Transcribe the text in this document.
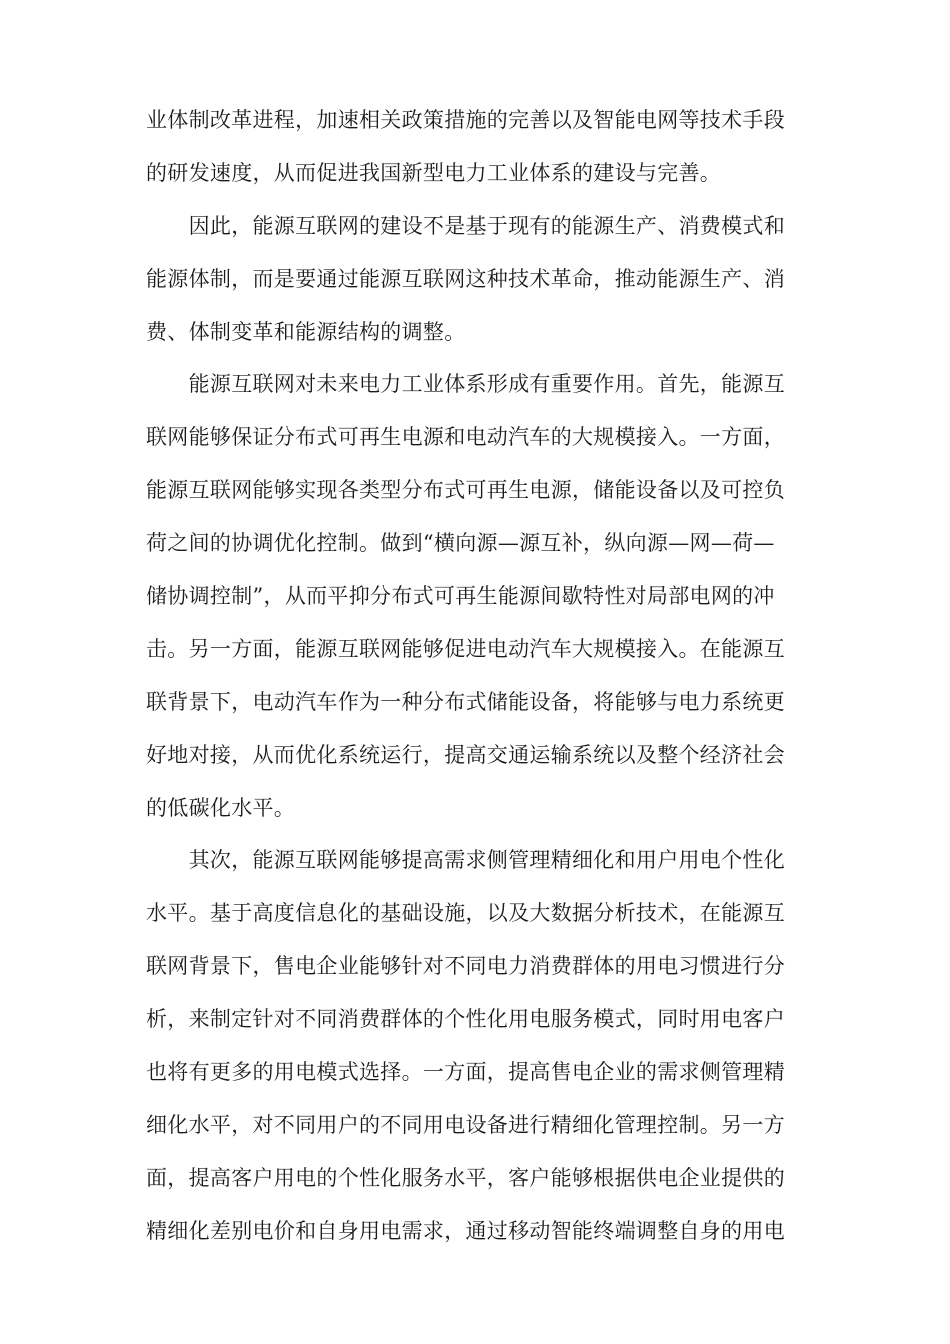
业体制改革进程，加速相关政策措施的完善以及智能电网等技术手段
的研发速度，从而促进我国新型电力工业体系的建设与完善。
　　因此，能源互联网的建设不是基于现有的能源生产、消费模式和
能源体制，而是要通过能源互联网这种技术革命，推动能源生产、消
费、体制变革和能源结构的调整。
　　能源互联网对未来电力工业体系形成有重要作用。首先，能源互
联网能够保证分布式可再生电源和电动汽车的大规模接入。一方面，
能源互联网能够实现各类型分布式可再生电源，储能设备以及可控负
荷之间的协调优化控制。做到“横向源—源互补，纵向源—网—荷—
储协调控制”，从而平抑分布式可再生能源间歇特性对局部电网的冲
击。另一方面，能源互联网能够促进电动汽车大规模接入。在能源互
联背景下，电动汽车作为一种分布式储能设备，将能够与电力系统更
好地对接，从而优化系统运行，提高交通运输系统以及整个经济社会
的低碳化水平。
　　其次，能源互联网能够提高需求侧管理精细化和用户用电个性化
水平。基于高度信息化的基础设施，以及大数据分析技术，在能源互
联网背景下，售电企业能够针对不同电力消费群体的用电习惯进行分
析，来制定针对不同消费群体的个性化用电服务模式，同时用电客户
也将有更多的用电模式选择。一方面，提高售电企业的需求侧管理精
细化水平，对不同用户的不同用电设备进行精细化管理控制。另一方
面，提高客户用电的个性化服务水平，客户能够根据供电企业提供的
精细化差别电价和自身用电需求，通过移动智能终端调整自身的用电
